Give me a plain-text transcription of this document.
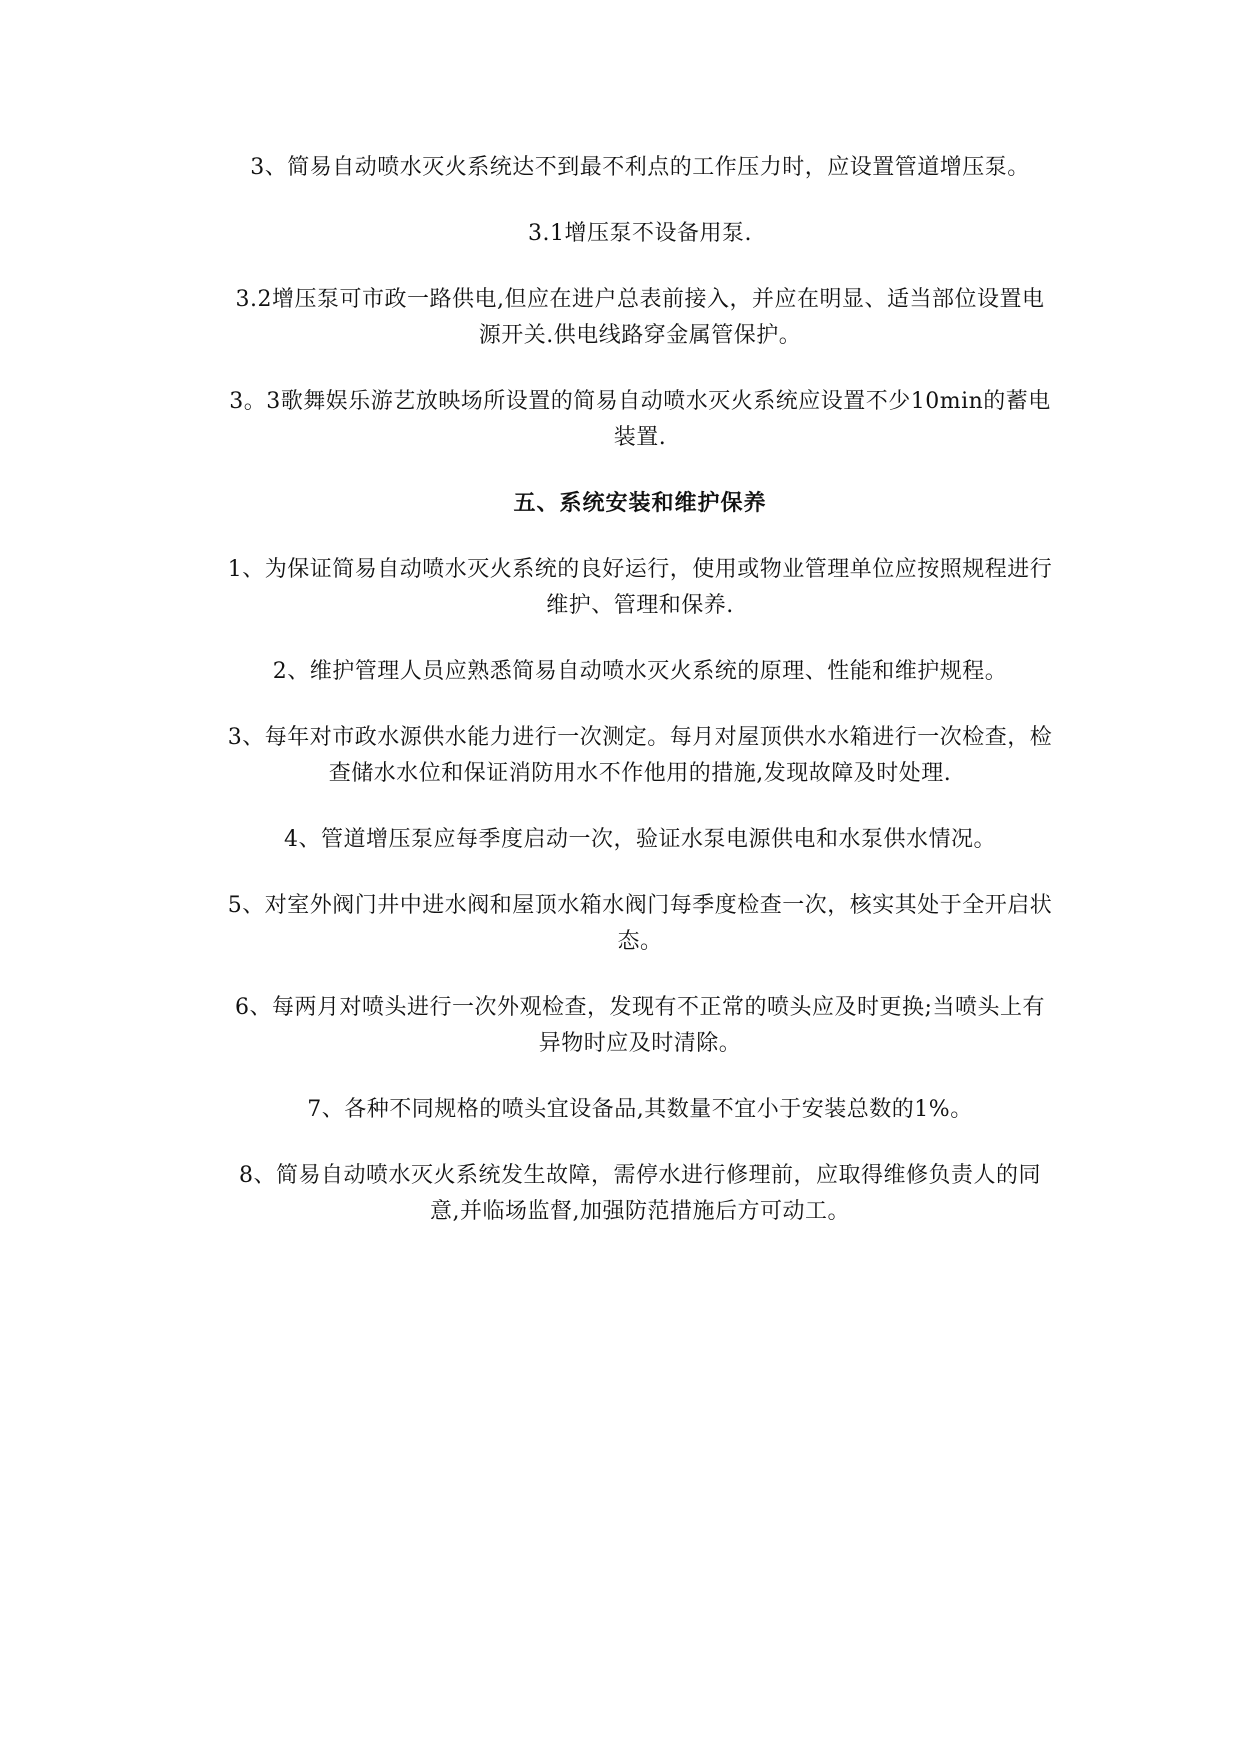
3、简易自动喷水灭火系统达不到最不利点的工作压力时，应设置管道增压泵。

3.1增压泵不设备用泵.

3.2增压泵可市政一路供电,但应在进户总表前接入，并应在明显、适当部位设置电源开关.供电线路穿金属管保护。

3。3歌舞娱乐游艺放映场所设置的简易自动喷水灭火系统应设置不少10min的蓄电装置.

五、系统安装和维护保养

1、为保证简易自动喷水灭火系统的良好运行，使用或物业管理单位应按照规程进行维护、管理和保养.

2、维护管理人员应熟悉简易自动喷水灭火系统的原理、性能和维护规程。

3、每年对市政水源供水能力进行一次测定。每月对屋顶供水水箱进行一次检查，检查储水水位和保证消防用水不作他用的措施,发现故障及时处理.

4、管道增压泵应每季度启动一次，验证水泵电源供电和水泵供水情况。

5、对室外阀门井中进水阀和屋顶水箱水阀门每季度检查一次，核实其处于全开启状态。

6、每两月对喷头进行一次外观检查，发现有不正常的喷头应及时更换;当喷头上有异物时应及时清除。

7、各种不同规格的喷头宜设备品,其数量不宜小于安装总数的1%。

8、简易自动喷水灭火系统发生故障，需停水进行修理前，应取得维修负责人的同意,并临场监督,加强防范措施后方可动工。
